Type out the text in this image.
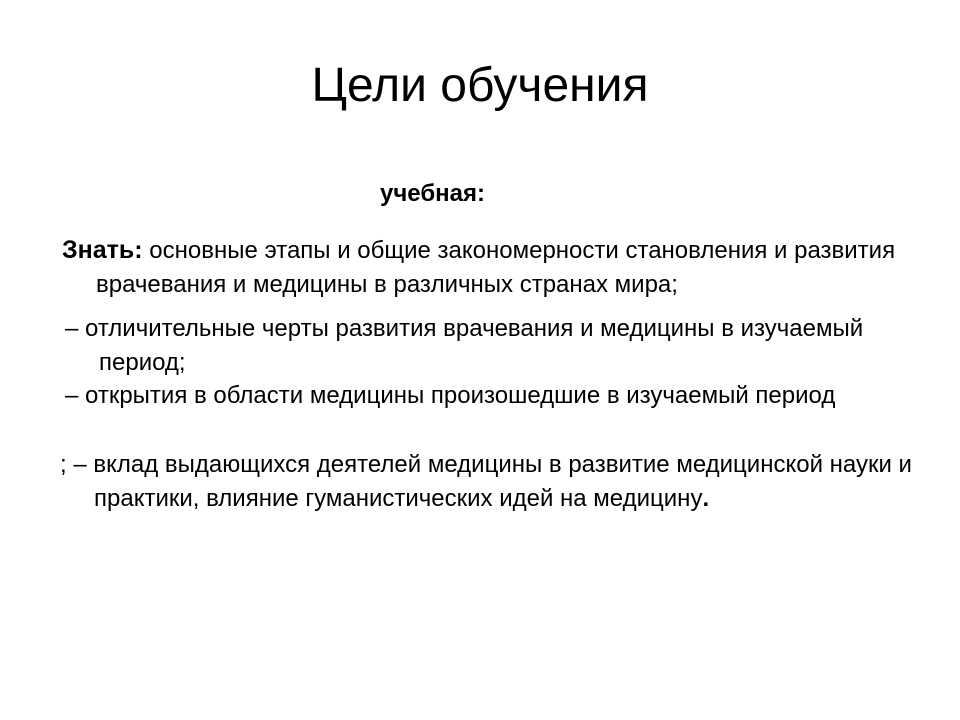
Цели обучения
учебная:

Знать: основные этапы и общие закономерности становления и развития врачевания и медицины в различных странах мира;

– отличительные черты развития врачевания и медицины в изучаемый период;

– открытия в области медицины произошедшие в изучаемый период

; – вклад выдающихся деятелей медицины в развитие медицинской науки и практики, влияние гуманистических идей на медицину.
